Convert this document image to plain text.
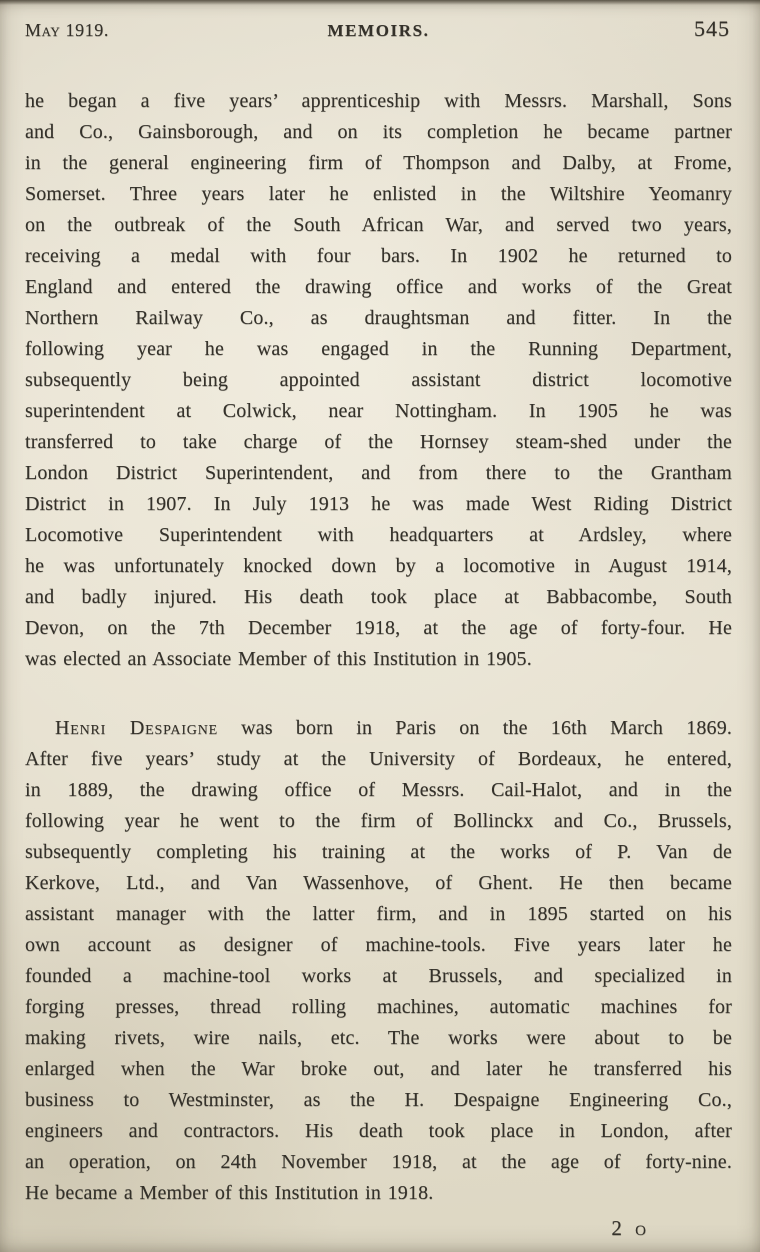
May 1919.	MEMOIRS.	545
he began a five years’ apprenticeship with Messrs. Marshall, Sons
and Co., Gainsborough, and on its completion he became partner
in the general engineering firm of Thompson and Dalby, at Frome,
Somerset. Three years later he enlisted in the Wiltshire Yeomanry
on the outbreak of the South African War, and served two years,
receiving a medal with four bars. In 1902 he returned to
England and entered the drawing office and works of the Great
Northern Railway Co., as draughtsman and fitter. In the
following year he was engaged in the Running Department,
subsequently being appointed assistant district locomotive
superintendent at Colwick, near Nottingham. In 1905 he was
transferred to take charge of the Hornsey steam-shed under the
London District Superintendent, and from there to the Grantham
District in 1907. In July 1913 he was made West Riding District
Locomotive Superintendent with headquarters at Ardsley, where
he was unfortunately knocked down by a locomotive in August 1914,
and badly injured. His death took place at Babbacombe, South
Devon, on the 7th December 1918, at the age of forty-four. He
was elected an Associate Member of this Institution in 1905.
Henri Despaigne was born in Paris on the 16th March 1869.
After five years’ study at the University of Bordeaux, he entered,
in 1889, the drawing office of Messrs. Cail-Halot, and in the
following year he went to the firm of Bollinckx and Co., Brussels,
subsequently completing his training at the works of P. Van de
Kerkove, Ltd., and Van Wassenhove, of Ghent. He then became
assistant manager with the latter firm, and in 1895 started on his
own account as designer of machine-tools. Five years later he
founded a machine-tool works at Brussels, and specialized in
forging presses, thread rolling machines, automatic machines for
making rivets, wire nails, etc. The works were about to be
enlarged when the War broke out, and later he transferred his
business to Westminster, as the H. Despaigne Engineering Co.,
engineers and contractors. His death took place in London, after
an operation, on 24th November 1918, at the age of forty-nine.
He became a Member of this Institution in 1918.
2 o
